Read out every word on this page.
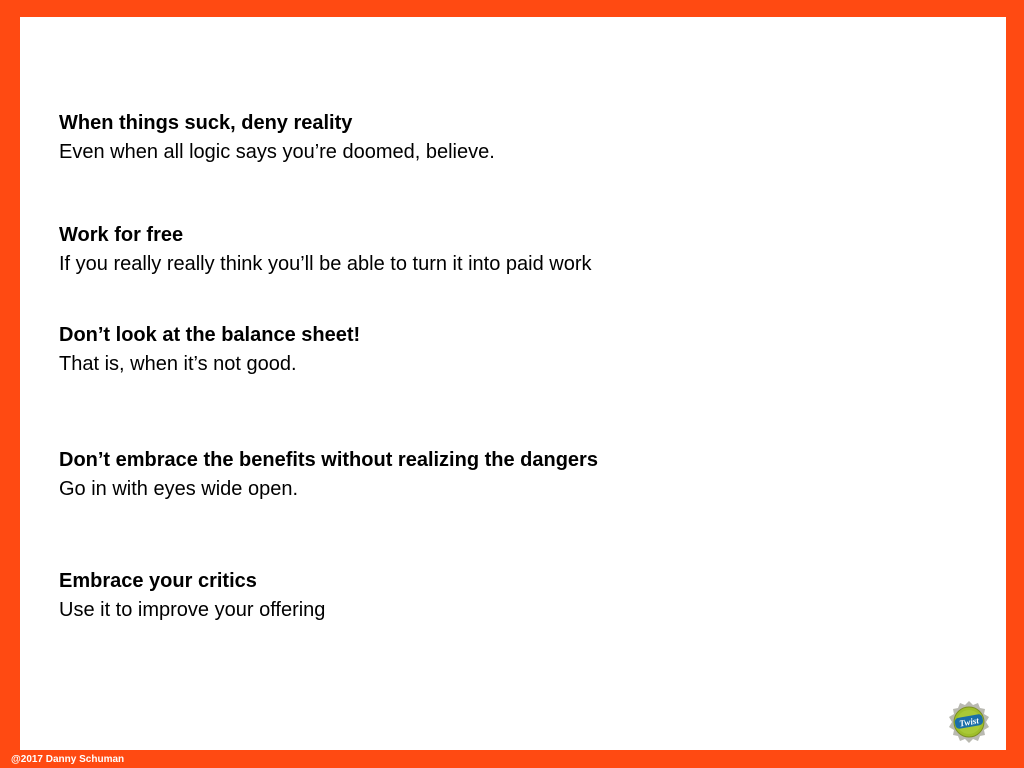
When things suck, deny reality
Even when all logic says you’re doomed, believe.
Work for free
If you really really think you’ll be able to turn it into paid work
Don’t look at the balance sheet!
That is, when it’s not good.
Don’t embrace the benefits without realizing the dangers
Go in with eyes wide open.
Embrace your critics
Use it to improve your offering
Twist
@2017 Danny Schuman
